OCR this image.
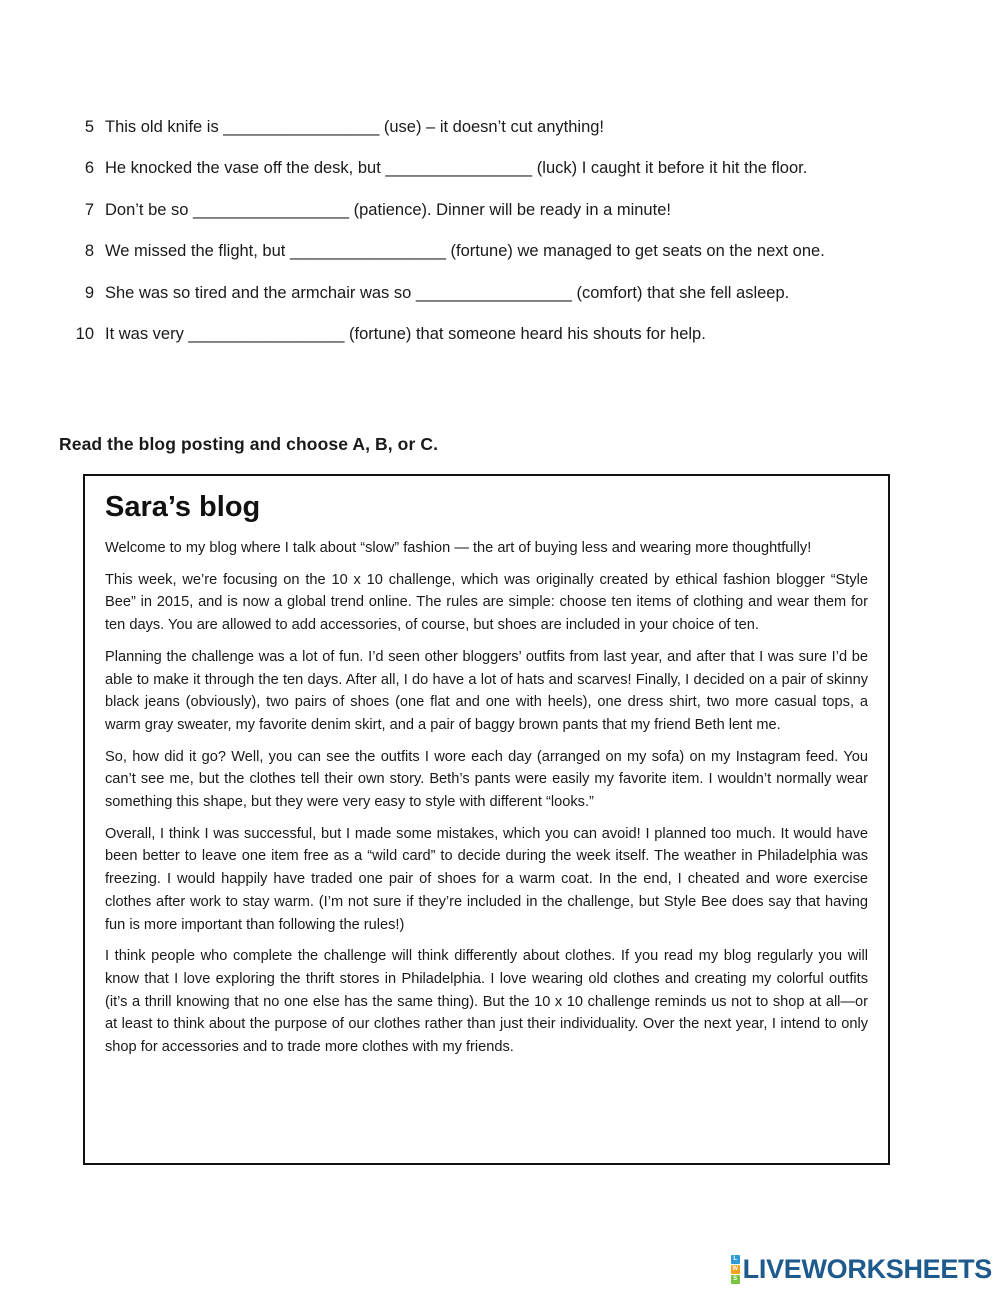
5 This old knife is _________________ (use) – it doesn’t cut anything!
6 He knocked the vase off the desk, but ________________ (luck) I caught it before it hit the floor.
7 Don’t be so _________________ (patience). Dinner will be ready in a minute!
8 We missed the flight, but _________________ (fortune) we managed to get seats on the next one.
9 She was so tired and the armchair was so _________________ (comfort) that she fell asleep.
10 It was very _________________ (fortune) that someone heard his shouts for help.

Read the blog posting and choose A, B, or C.

Sara’s blog

Welcome to my blog where I talk about “slow” fashion — the art of buying less and wearing more thoughtfully!

This week, we’re focusing on the 10 x 10 challenge, which was originally created by ethical fashion blogger “Style Bee” in 2015, and is now a global trend online. The rules are simple: choose ten items of clothing and wear them for ten days. You are allowed to add accessories, of course, but shoes are included in your choice of ten.

Planning the challenge was a lot of fun. I’d seen other bloggers’ outfits from last year, and after that I was sure I’d be able to make it through the ten days. After all, I do have a lot of hats and scarves! Finally, I decided on a pair of skinny black jeans (obviously), two pairs of shoes (one flat and one with heels), one dress shirt, two more casual tops, a warm gray sweater, my favorite denim skirt, and a pair of baggy brown pants that my friend Beth lent me.

So, how did it go? Well, you can see the outfits I wore each day (arranged on my sofa) on my Instagram feed. You can’t see me, but the clothes tell their own story. Beth’s pants were easily my favorite item. I wouldn’t normally wear something this shape, but they were very easy to style with different “looks.”

Overall, I think I was successful, but I made some mistakes, which you can avoid! I planned too much. It would have been better to leave one item free as a “wild card” to decide during the week itself. The weather in Philadelphia was freezing. I would happily have traded one pair of shoes for a warm coat. In the end, I cheated and wore exercise clothes after work to stay warm. (I’m not sure if they’re included in the challenge, but Style Bee does say that having fun is more important than following the rules!)

I think people who complete the challenge will think differently about clothes. If you read my blog regularly you will know that I love exploring the thrift stores in Philadelphia. I love wearing old clothes and creating my colorful outfits (it’s a thrill knowing that no one else has the same thing). But the 10 x 10 challenge reminds us not to shop at all—or at least to think about the purpose of our clothes rather than just their individuality. Over the next year, I intend to only shop for accessories and to trade more clothes with my friends.

L
W
S LIVEWORKSHEETS
